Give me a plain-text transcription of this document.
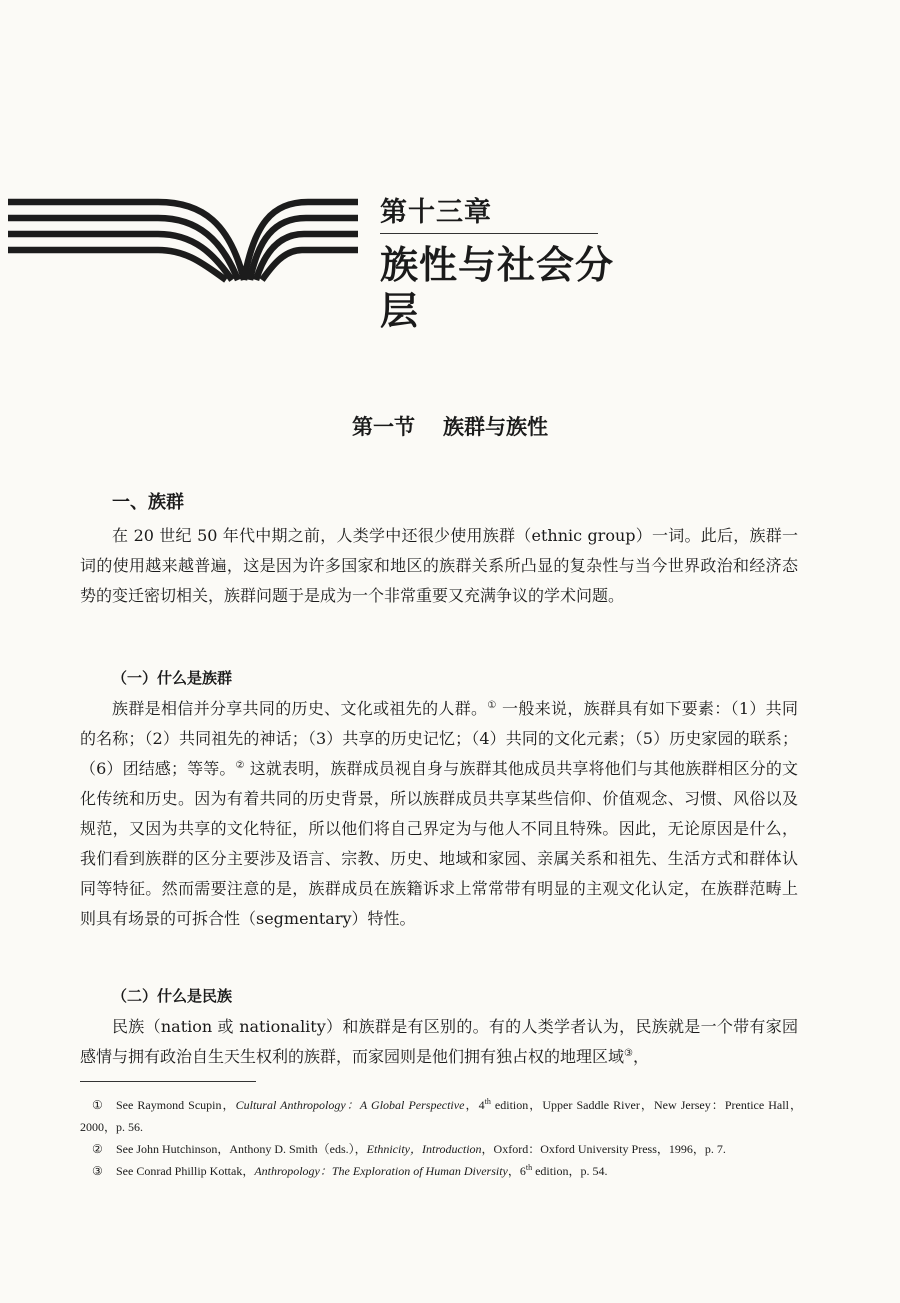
第十三章
族性与社会分层
第一节 族群与族性
一、族群

在 20 世纪 50 年代中期之前，人类学中还很少使用族群（ethnic group）一词。此后，族群一词的使用越来越普遍，这是因为许多国家和地区的族群关系所凸显的复杂性与当今世界政治和经济态势的变迁密切相关，族群问题于是成为一个非常重要又充满争议的学术问题。

（一）什么是族群

族群是相信并分享共同的历史、文化或祖先的人群。① 一般来说，族群具有如下要素：（1）共同的名称；（2）共同祖先的神话；（3）共享的历史记忆；（4）共同的文化元素；（5）历史家园的联系；（6）团结感；等等。② 这就表明，族群成员视自身与族群其他成员共享将他们与其他族群相区分的文化传统和历史。因为有着共同的历史背景，所以族群成员共享某些信仰、价值观念、习惯、风俗以及规范，又因为共享的文化特征，所以他们将自己界定为与他人不同且特殊。因此，无论原因是什么，我们看到族群的区分主要涉及语言、宗教、历史、地域和家园、亲属关系和祖先、生活方式和群体认同等特征。然而需要注意的是，族群成员在族籍诉求上常常带有明显的主观文化认定，在族群范畴上则具有场景的可拆合性（segmentary）特性。

（二）什么是民族

民族（nation 或 nationality）和族群是有区别的。有的人类学者认为，民族就是一个带有家园感情与拥有政治自生天生权利的族群，而家园则是他们拥有独占权的地理区域③，

① See Raymond Scupin，Cultural Anthropology：A Global Perspective，4th edition，Upper Saddle River，New Jersey：Prentice Hall，2000，p. 56.

② See John Hutchinson，Anthony D. Smith（eds.），Ethnicity，Introduction，Oxford：Oxford University Press，1996，p. 7.

③ See Conrad Phillip Kottak，Anthropology：The Exploration of Human Diversity，6th edition，p. 54.
